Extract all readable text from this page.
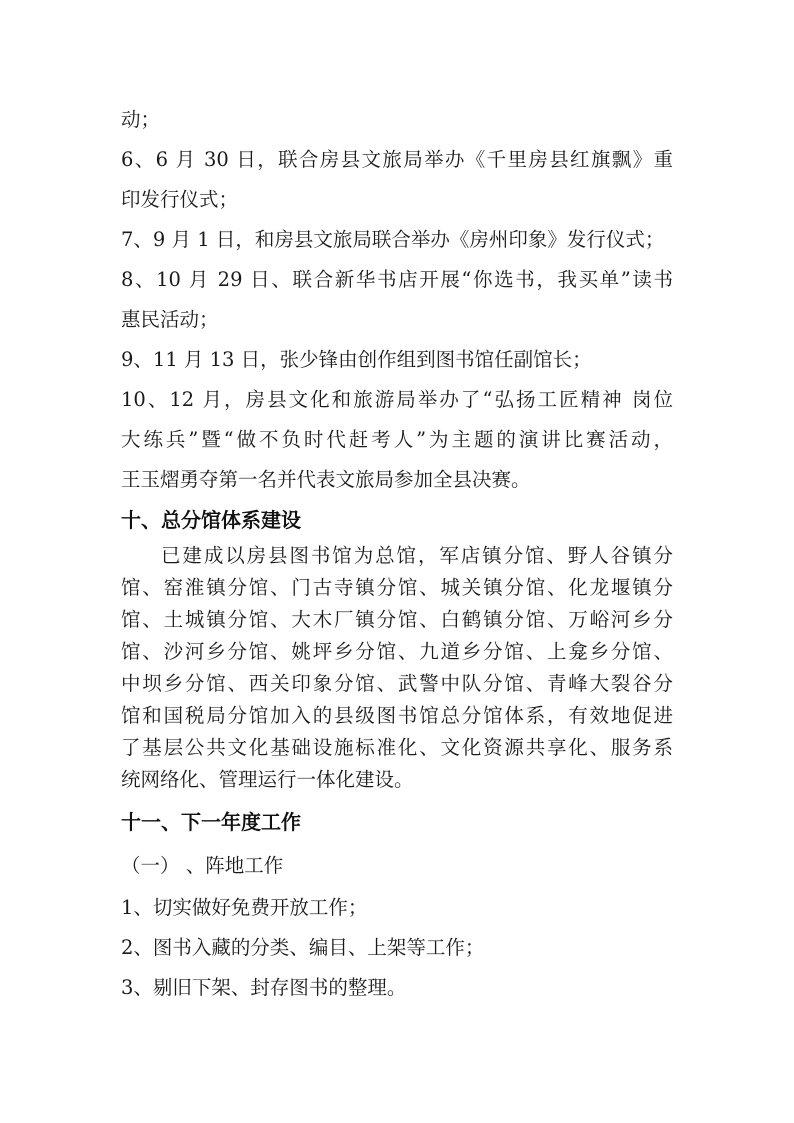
动；
6、6 月 30 日，联合房县文旅局举办《千里房县红旗飘》重
印发行仪式；
7、9 月 1 日，和房县文旅局联合举办《房州印象》发行仪式；
8、10 月 29 日、联合新华书店开展“你选书，我买单”读书
惠民活动；
9、11 月 13 日，张少锋由创作组到图书馆任副馆长；
10、12 月，房县文化和旅游局举办了“弘扬工匠精神 岗位
大练兵”暨“做不负时代赶考人”为主题的演讲比赛活动，
王玉熠勇夺第一名并代表文旅局参加全县决赛。
十、总分馆体系建设
已建成以房县图书馆为总馆，军店镇分馆、野人谷镇分
馆、窑淮镇分馆、门古寺镇分馆、城关镇分馆、化龙堰镇分
馆、土城镇分馆、大木厂镇分馆、白鹤镇分馆、万峪河乡分
馆、沙河乡分馆、姚坪乡分馆、九道乡分馆、上龛乡分馆、
中坝乡分馆、西关印象分馆、武警中队分馆、青峰大裂谷分
馆和国税局分馆加入的县级图书馆总分馆体系，有效地促进
了基层公共文化基础设施标准化、文化资源共享化、服务系
统网络化、管理运行一体化建设。
十一、下一年度工作
（一） 、阵地工作
1、切实做好免费开放工作；
2、图书入藏的分类、编目、上架等工作；
3、剔旧下架、封存图书的整理。
